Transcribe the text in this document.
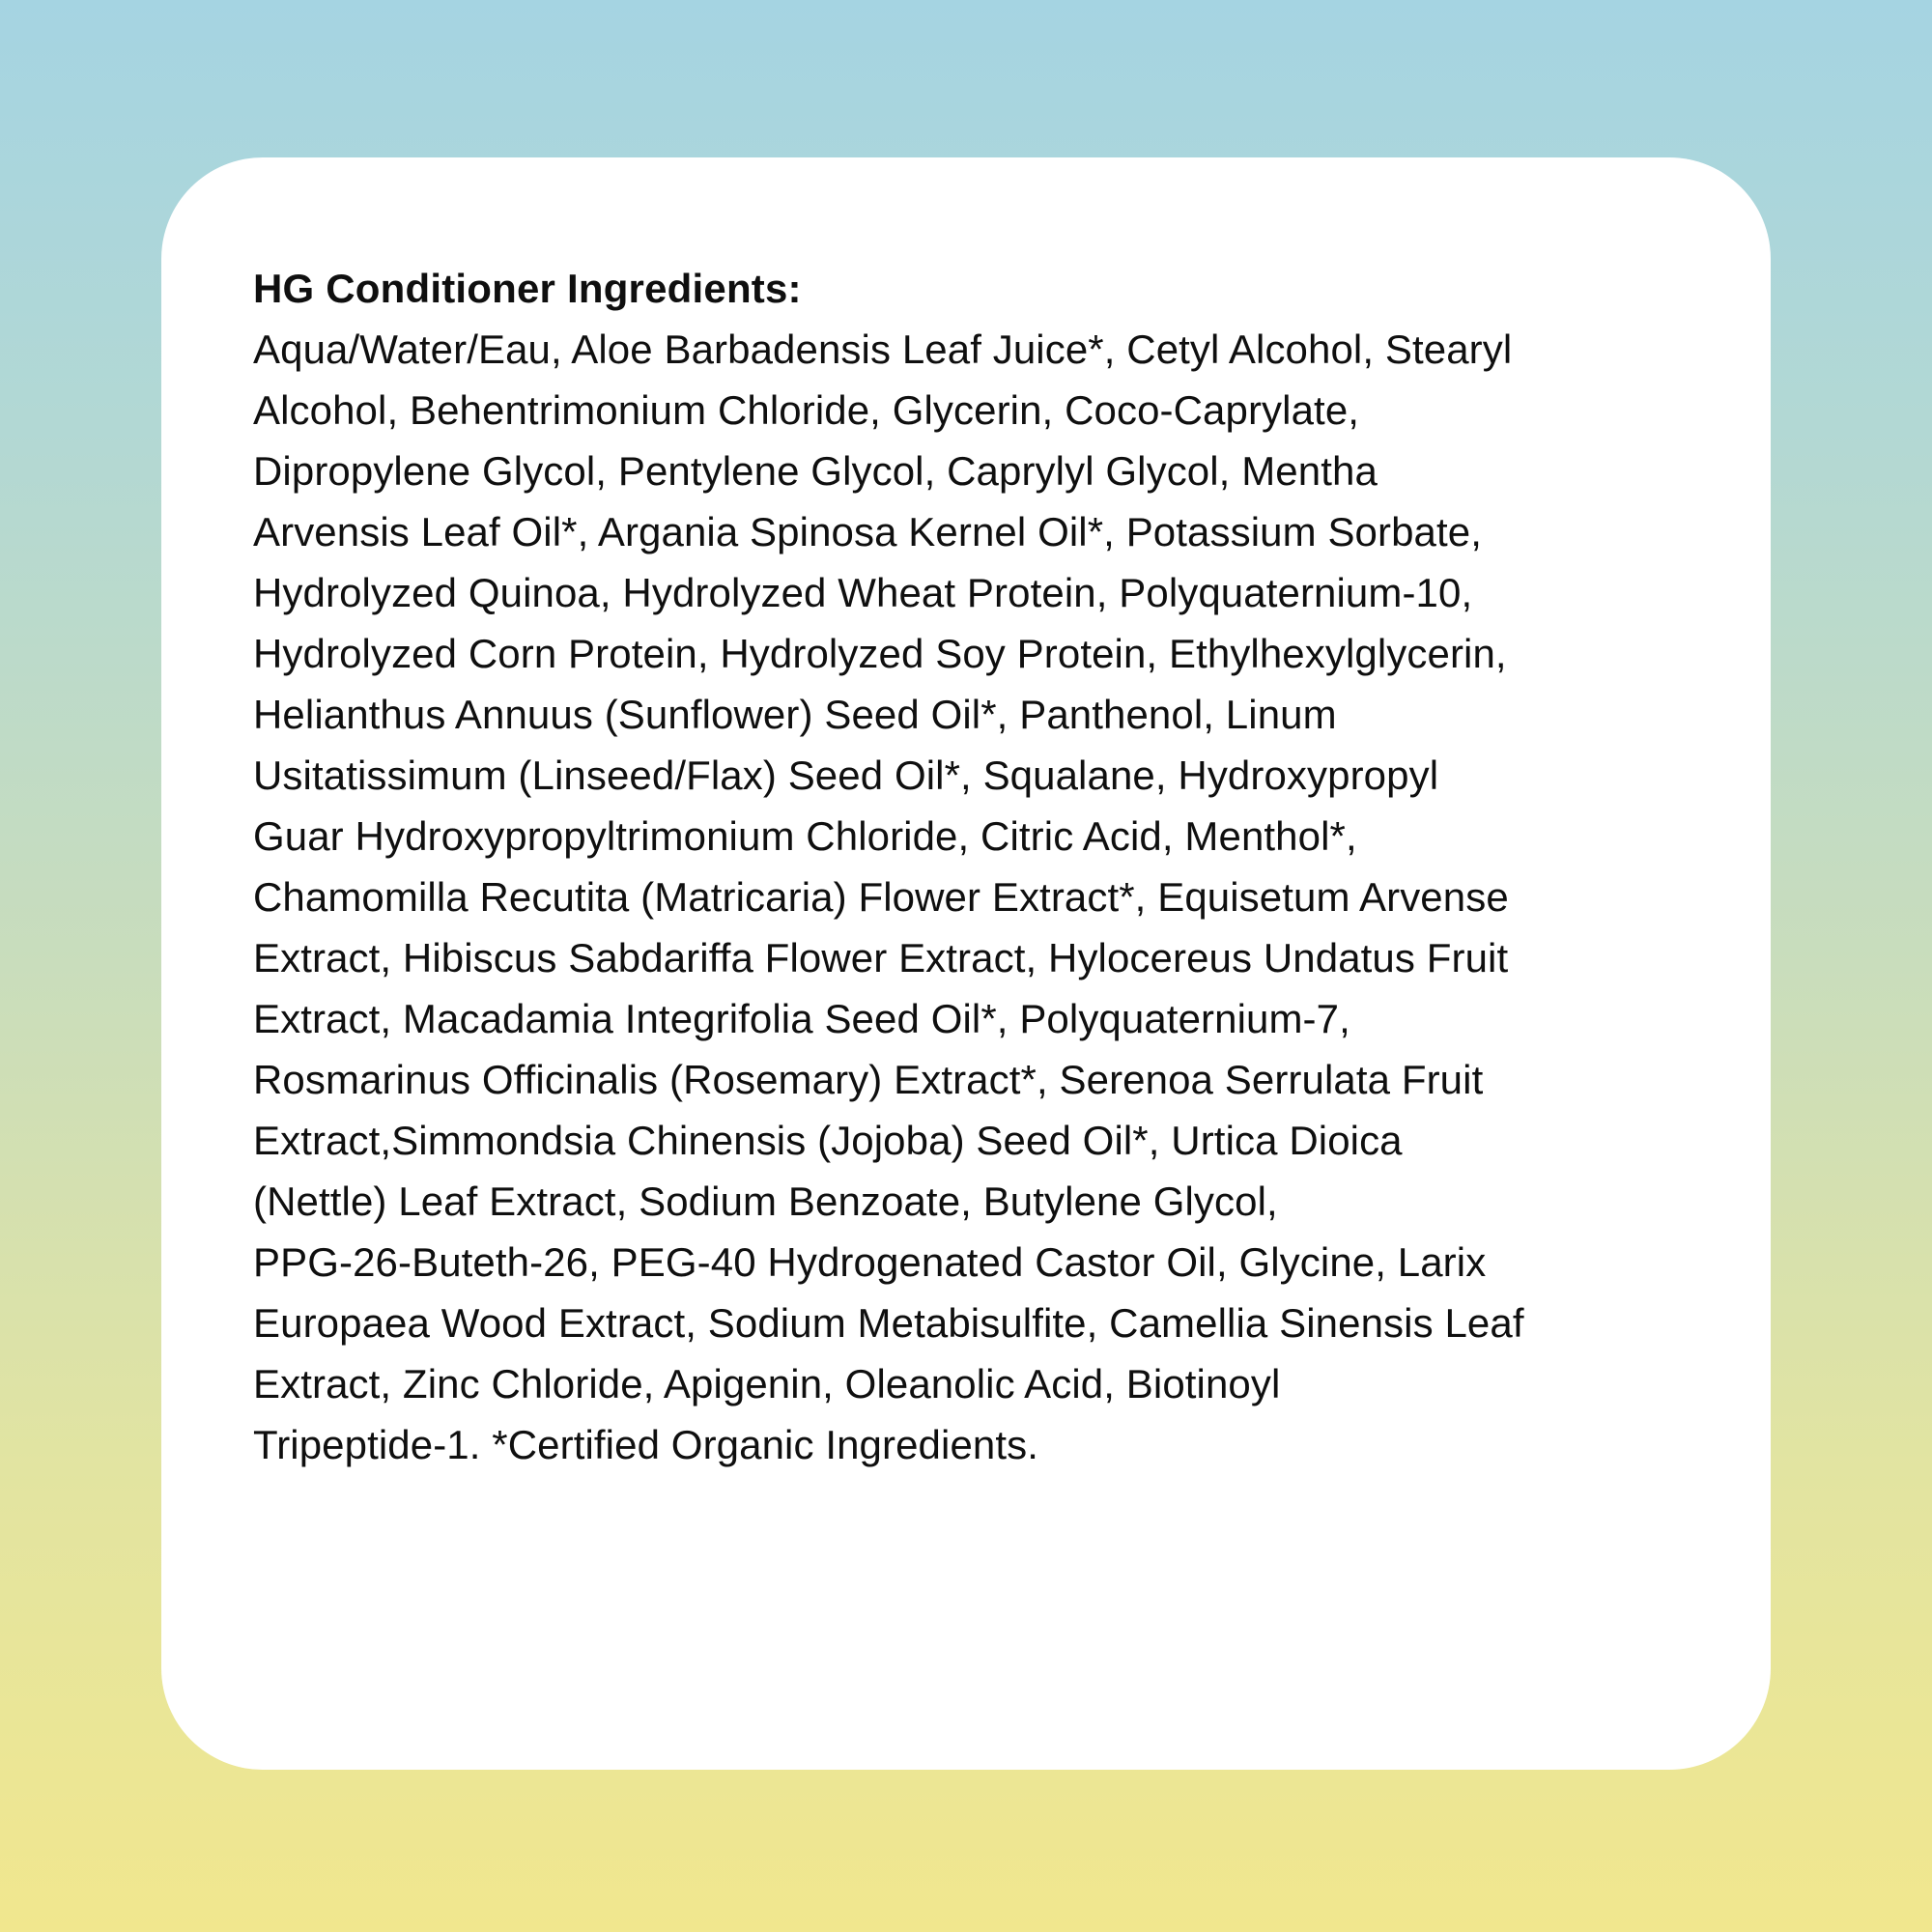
HG Conditioner Ingredients:
Aqua/Water/Eau, Aloe Barbadensis Leaf Juice*, Cetyl Alcohol, Stearyl
Alcohol, Behentrimonium Chloride, Glycerin, Coco-Caprylate,
Dipropylene Glycol, Pentylene Glycol, Caprylyl Glycol, Mentha
Arvensis Leaf Oil*, Argania Spinosa Kernel Oil*, Potassium Sorbate,
Hydrolyzed Quinoa, Hydrolyzed Wheat Protein, Polyquaternium-10,
Hydrolyzed Corn Protein, Hydrolyzed Soy Protein, Ethylhexylglycerin,
Helianthus Annuus (Sunflower) Seed Oil*, Panthenol, Linum
Usitatissimum (Linseed/Flax) Seed Oil*, Squalane, Hydroxypropyl
Guar Hydroxypropyltrimonium Chloride, Citric Acid, Menthol*,
Chamomilla Recutita (Matricaria) Flower Extract*, Equisetum Arvense
Extract, Hibiscus Sabdariffa Flower Extract, Hylocereus Undatus Fruit
Extract, Macadamia Integrifolia Seed Oil*, Polyquaternium-7,
Rosmarinus Officinalis (Rosemary) Extract*, Serenoa Serrulata Fruit
Extract,Simmondsia Chinensis (Jojoba) Seed Oil*, Urtica Dioica
(Nettle) Leaf Extract, Sodium Benzoate, Butylene Glycol,
PPG-26-Buteth-26, PEG-40 Hydrogenated Castor Oil, Glycine, Larix
Europaea Wood Extract, Sodium Metabisulfite, Camellia Sinensis Leaf
Extract, Zinc Chloride, Apigenin, Oleanolic Acid, Biotinoyl
Tripeptide-1. *Certified Organic Ingredients.
